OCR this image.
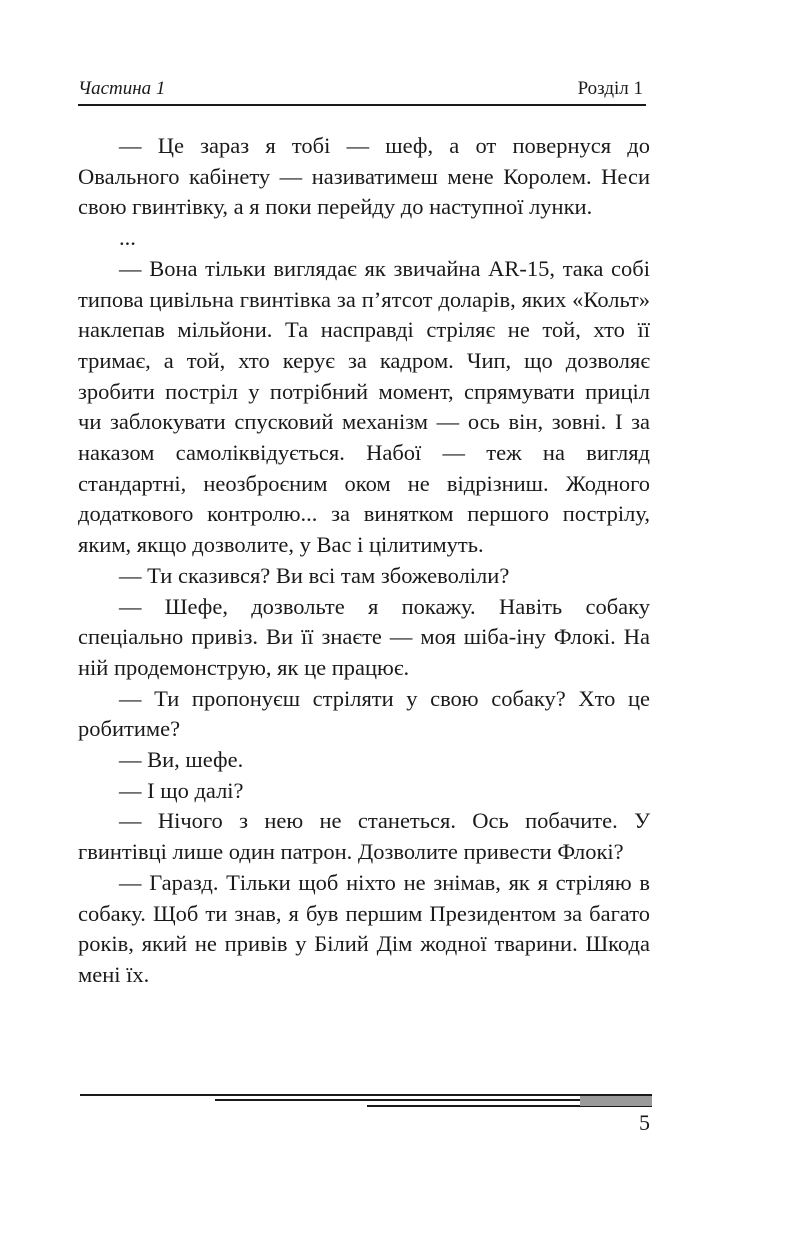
Частина 1	Розділ 1

— Це зараз я тобі — шеф, а от повернуся до Овального кабінету — називатимеш мене Королем. Неси свою гвинтівку, а я поки перейду до наступної лунки.

...

— Вона тільки виглядає як звичайна AR-15, така собі типова цивільна гвинтівка за п’ятсот доларів, яких «Кольт» наклепав мільйони. Та насправді стріляє не той, хто її тримає, а той, хто керує за кадром. Чип, що дозволяє зробити постріл у потрібний момент, спрямувати приціл чи заблокувати спусковий механізм — ось він, зовні. І за наказом самоліквідується. Набої — теж на вигляд стандартні, неозброєним оком не відрізниш. Жодного додаткового контролю... за винятком першого пострілу, яким, якщо дозволите, у Вас і цілитимуть.

— Ти сказився? Ви всі там збожеволіли?

— Шефе, дозвольте я покажу. Навіть собаку спеціально привіз. Ви її знаєте — моя шіба-іну Флокі. На ній продемонструю, як це працює.

— Ти пропонуєш стріляти у свою собаку? Хто це робитиме?

— Ви, шефе.

— І що далі?

— Нічого з нею не станеться. Ось побачите. У гвинтівці лише один патрон. Дозволите привести Флокі?

— Гаразд. Тільки щоб ніхто не знімав, як я стріляю в собаку. Щоб ти знав, я був першим Президентом за багато років, який не привів у Білий Дім жодної тварини. Шкода мені їх.

5
